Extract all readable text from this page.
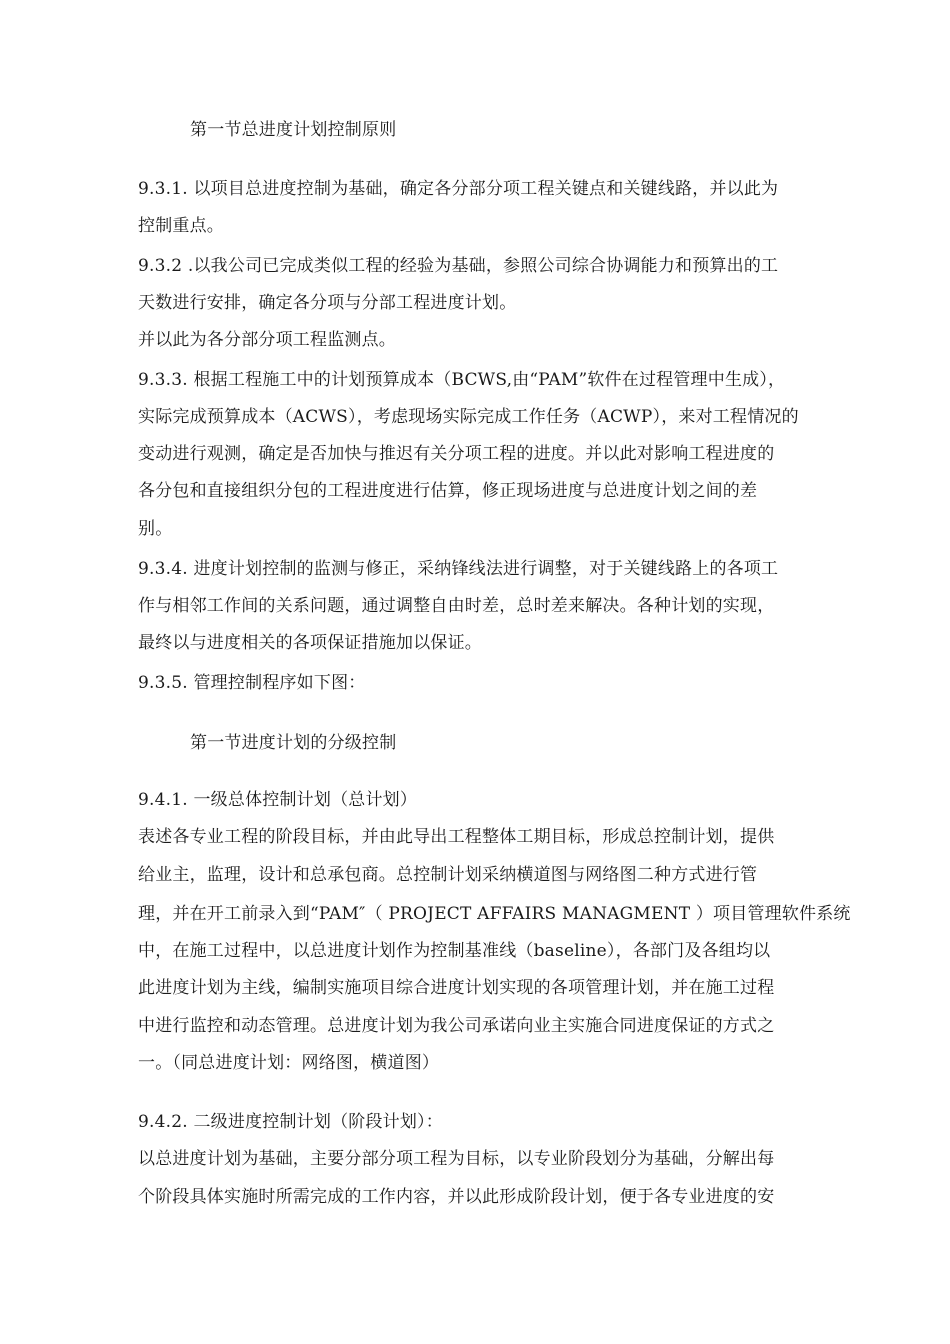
第一节总进度计划控制原则
9.3.1. 以项目总进度控制为基础，确定各分部分项工程关键点和关键线路，并以此为
控制重点。
9.3.2 .以我公司已完成类似工程的经验为基础，参照公司综合协调能力和预算出的工
天数进行安排，确定各分项与分部工程进度计划。
并以此为各分部分项工程监测点。
9.3.3. 根据工程施工中的计划预算成本（BCWS,由“PAM”软件在过程管理中生成），
实际完成预算成本（ACWS），考虑现场实际完成工作任务（ACWP），来对工程情况的
变动进行观测，确定是否加快与推迟有关分项工程的进度。并以此对影响工程进度的
各分包和直接组织分包的工程进度进行估算，修正现场进度与总进度计划之间的差
别。
9.3.4. 进度计划控制的监测与修正，采纳锋线法进行调整，对于关键线路上的各项工
作与相邻工作间的关系问题，通过调整自由时差，总时差来解决。各种计划的实现，
最终以与进度相关的各项保证措施加以保证。
9.3.5. 管理控制程序如下图：
第一节进度计划的分级控制
9.4.1. 一级总体控制计划（总计划）
表述各专业工程的阶段目标，并由此导出工程整体工期目标，形成总控制计划，提供
给业主，监理，设计和总承包商。总控制计划采纳横道图与网络图二种方式进行管
理，并在开工前录入到“PAM″（ PROJECT AFFAIRS MANAGMENT ）项目管理软件系统
中，在施工过程中，以总进度计划作为控制基准线（baseline），各部门及各组均以
此进度计划为主线，编制实施项目综合进度计划实现的各项管理计划，并在施工过程
中进行监控和动态管理。总进度计划为我公司承诺向业主实施合同进度保证的方式之
一。（同总进度计划：网络图，横道图）
9.4.2. 二级进度控制计划（阶段计划）：
以总进度计划为基础，主要分部分项工程为目标，以专业阶段划分为基础，分解出每
个阶段具体实施时所需完成的工作内容，并以此形成阶段计划，便于各专业进度的安
